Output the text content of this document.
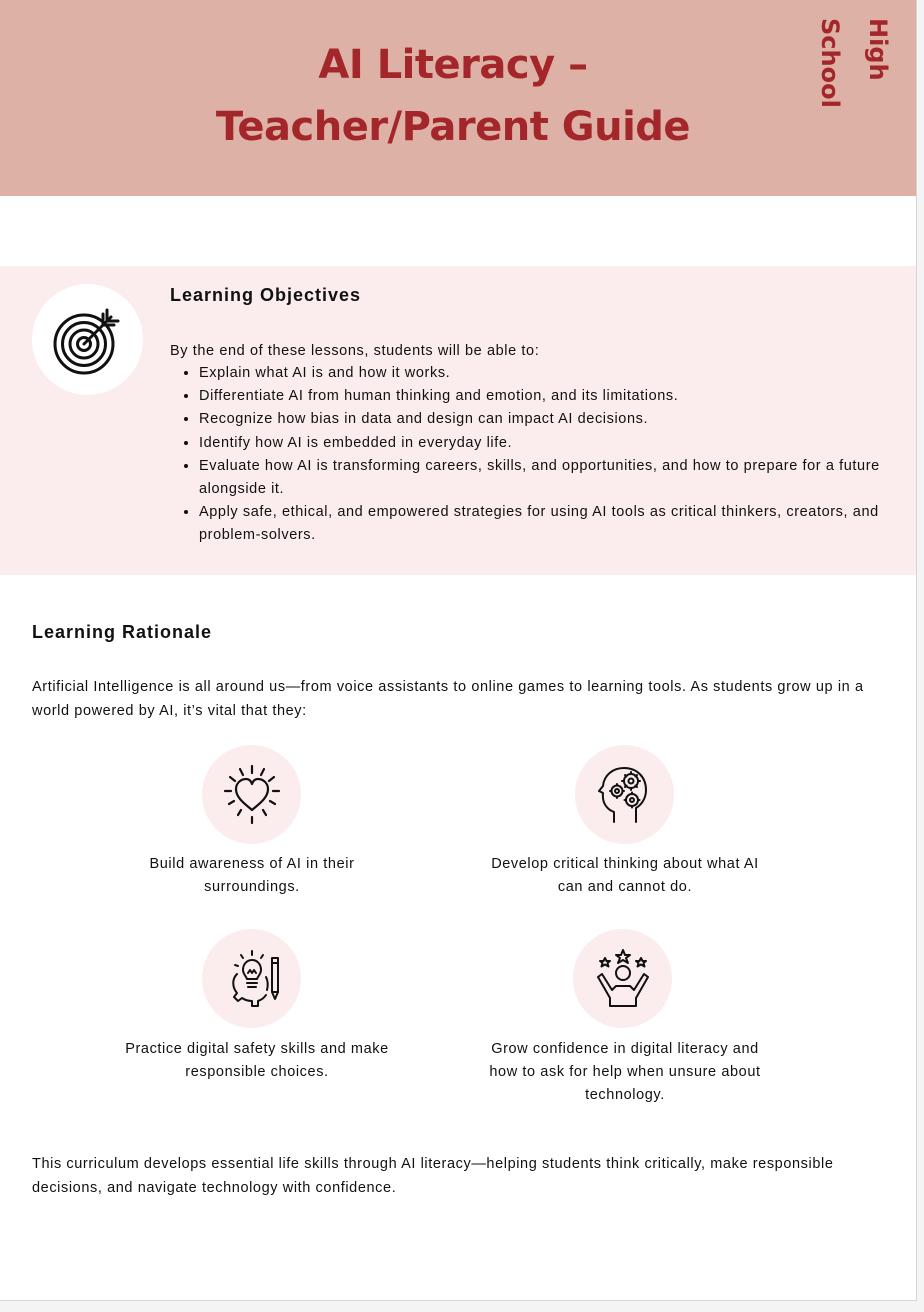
AI Literacy –
Teacher/Parent Guide
High School
Learning Objectives

By the end of these lessons, students will be able to:

• Explain what AI is and how it works.
• Differentiate AI from human thinking and emotion, and its limitations.
• Recognize how bias in data and design can impact AI decisions.
• Identify how AI is embedded in everyday life.
• Evaluate how AI is transforming careers, skills, and opportunities, and how to prepare for a future alongside it.
• Apply safe, ethical, and empowered strategies for using AI tools as critical thinkers, creators, and problem-solvers.
Learning Rationale

Artificial Intelligence is all around us—from voice assistants to online games to learning tools. As students grow up in a world powered by AI, it’s vital that they:

Build awareness of AI in their surroundings.

Develop critical thinking about what AI can and cannot do.

Practice digital safety skills and make responsible choices.

Grow confidence in digital literacy and how to ask for help when unsure about technology.

This curriculum develops essential life skills through AI literacy—helping students think critically, make responsible decisions, and navigate technology with confidence.
